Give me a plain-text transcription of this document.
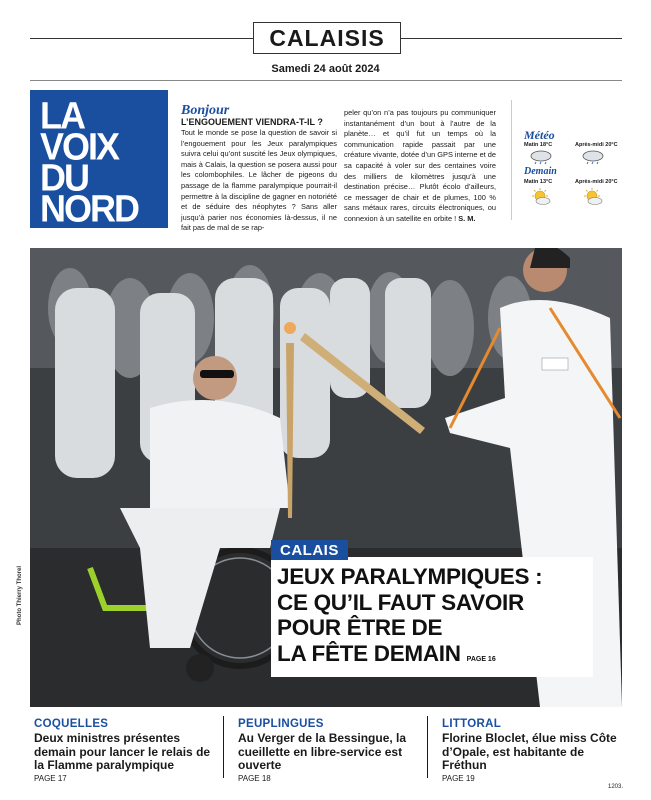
CALAISIS
Samedi 24 août 2024
LA
VOIX
DU
NORD
Bonjour
L’ENGOUEMENT VIENDRA-T-IL ?
Tout le monde se pose la question de savoir si l’engouement pour les Jeux paralympiques suivra celui qu’ont suscité les Jeux olympiques, mais à Calais, la question se posera aussi pour les colombophiles. Le lâcher de pigeons du passage de la flamme paralympique pourrait-il permettre à la discipline de gagner en notoriété et de séduire des néophytes ? Sans aller jusqu’à parier nos économies là-dessus, il ne fait pas de mal de se rap-
peler qu’on n’a pas toujours pu communiquer instantanément d’un bout à l’autre de la planète… et qu’il fut un temps où la communication rapide passait par une créature vivante, dotée d’un GPS interne et de sa capacité à voler sur des centaines voire des milliers de kilomètres jusqu’à une destination précise… Plutôt écolo d’ailleurs, ce messager de chair et de plumes, 100 % sans métaux rares, circuits électroniques, ou connexion à un satellite en orbite ! S. M.
Météo
Matin 18°C	Après-midi 20°C
Demain
Matin 13°C	Après-midi 20°C
Photo Thierry Thorel
CALAIS
JEUX PARALYMPIQUES :
CE QU’IL FAUT SAVOIR
POUR ÊTRE DE
LA FÊTE DEMAIN PAGE 16
COQUELLES
Deux ministres présentes demain pour lancer le relais de la Flamme paralympique
PAGE 17
PEUPLINGUES
Au Verger de la Bessingue, la cueillette en libre-service est ouverte
PAGE 18
LITTORAL
Florine Bloclet, élue miss Côte d’Opale, est habitante de Fréthun
PAGE 19
1203.
